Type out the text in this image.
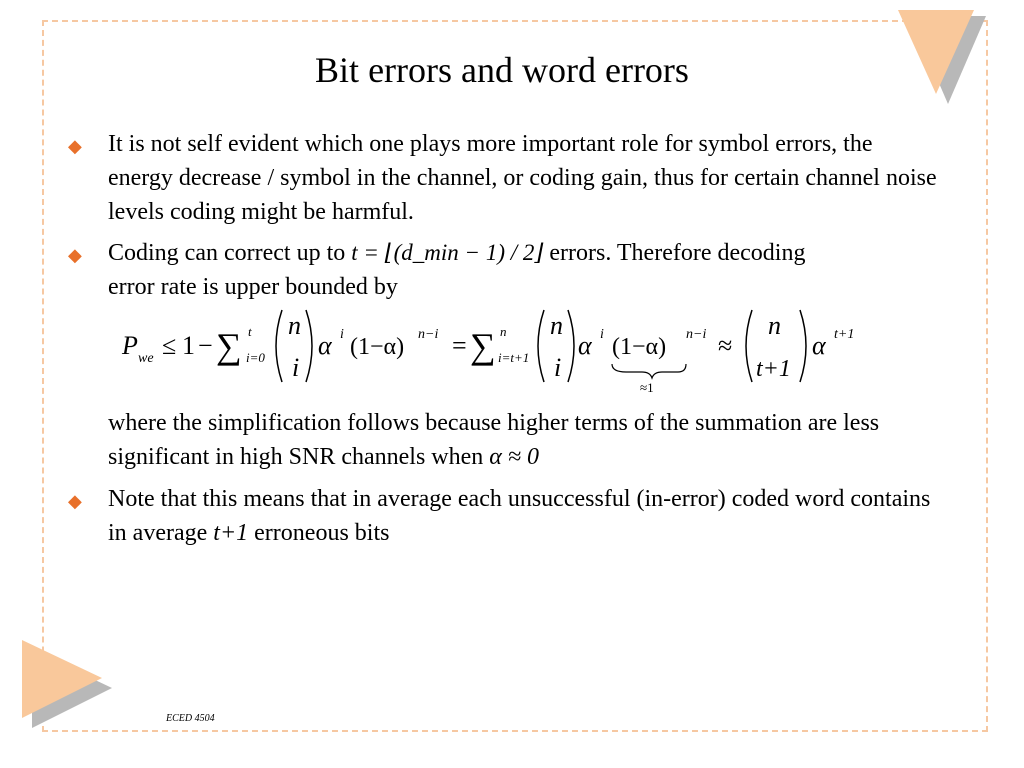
Bit errors and word errors
◆ It is not self evident which one plays more important role for symbol errors, the energy decrease / symbol in the channel, or coding gain, thus for certain channel noise levels coding might be harmful.
◆ Coding can correct up to t = ⌊(d_min − 1) / 2⌋ errors. Therefore decoding
error rate is upper bounded by
P we ≤ 1 − ∑ t
i=0
n
i
α i (1−α) n−i = ∑ n
i=t+1
n
i
α i (1−α) n−i
≈1
≈
n
t+1
α t+1
where the simplification follows because higher terms of the summation are less significant in high SNR channels when α ≈ 0
◆ Note that this means that in average each unsuccessful (in-error) coded word contains in average t+1 erroneous bits
ECED 4504
